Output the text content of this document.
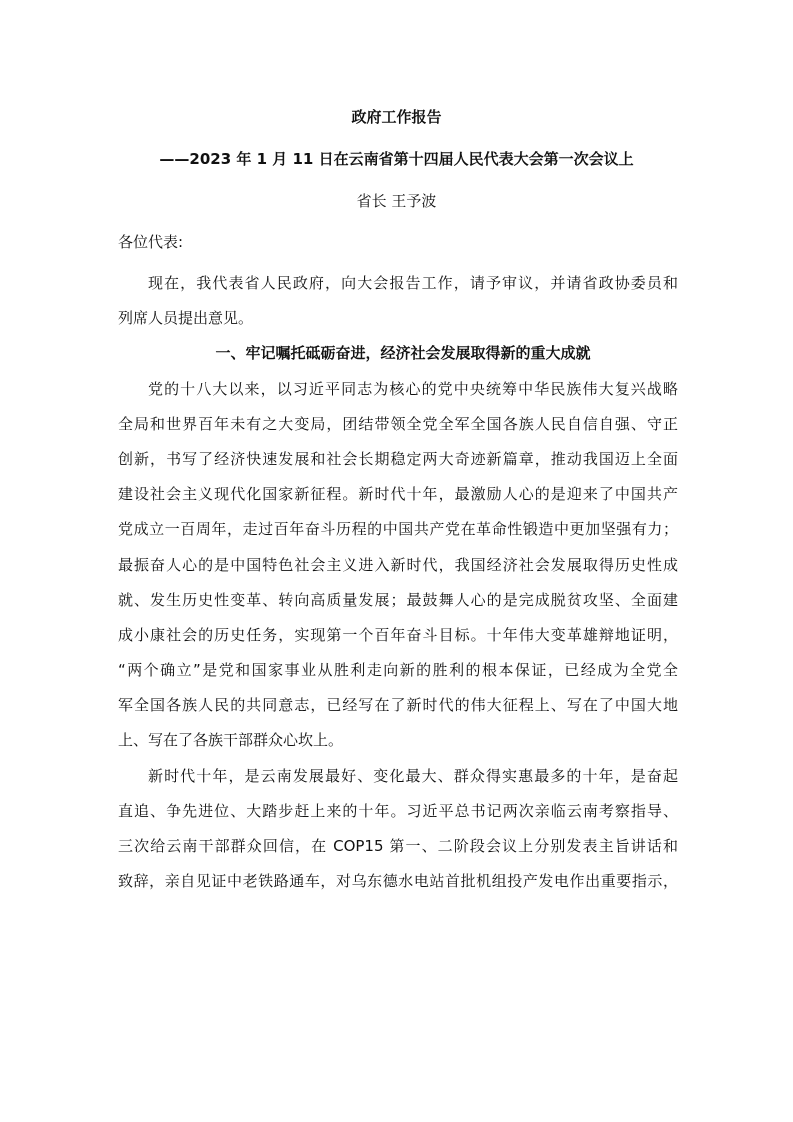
政府工作报告
——2023 年 1 月 11 日在云南省第十四届人民代表大会第一次会议上
省长 王予波
各位代表:
现在，我代表省人民政府，向大会报告工作，请予审议，并请省政协委员和
列席人员提出意见。
一、牢记嘱托砥砺奋进，经济社会发展取得新的重大成就
党的十八大以来，以习近平同志为核心的党中央统筹中华民族伟大复兴战略
全局和世界百年未有之大变局，团结带领全党全军全国各族人民自信自强、守正
创新，书写了经济快速发展和社会长期稳定两大奇迹新篇章，推动我国迈上全面
建设社会主义现代化国家新征程。新时代十年，最激励人心的是迎来了中国共产
党成立一百周年，走过百年奋斗历程的中国共产党在革命性锻造中更加坚强有力；
最振奋人心的是中国特色社会主义进入新时代，我国经济社会发展取得历史性成
就、发生历史性变革、转向高质量发展；最鼓舞人心的是完成脱贫攻坚、全面建
成小康社会的历史任务，实现第一个百年奋斗目标。十年伟大变革雄辩地证明，
“两个确立”是党和国家事业从胜利走向新的胜利的根本保证，已经成为全党全
军全国各族人民的共同意志，已经写在了新时代的伟大征程上、写在了中国大地
上、写在了各族干部群众心坎上。
新时代十年，是云南发展最好、变化最大、群众得实惠最多的十年，是奋起
直追、争先进位、大踏步赶上来的十年。习近平总书记两次亲临云南考察指导、
三次给云南干部群众回信，在 COP15 第一、二阶段会议上分别发表主旨讲话和
致辞，亲自见证中老铁路通车，对乌东德水电站首批机组投产发电作出重要指示，
